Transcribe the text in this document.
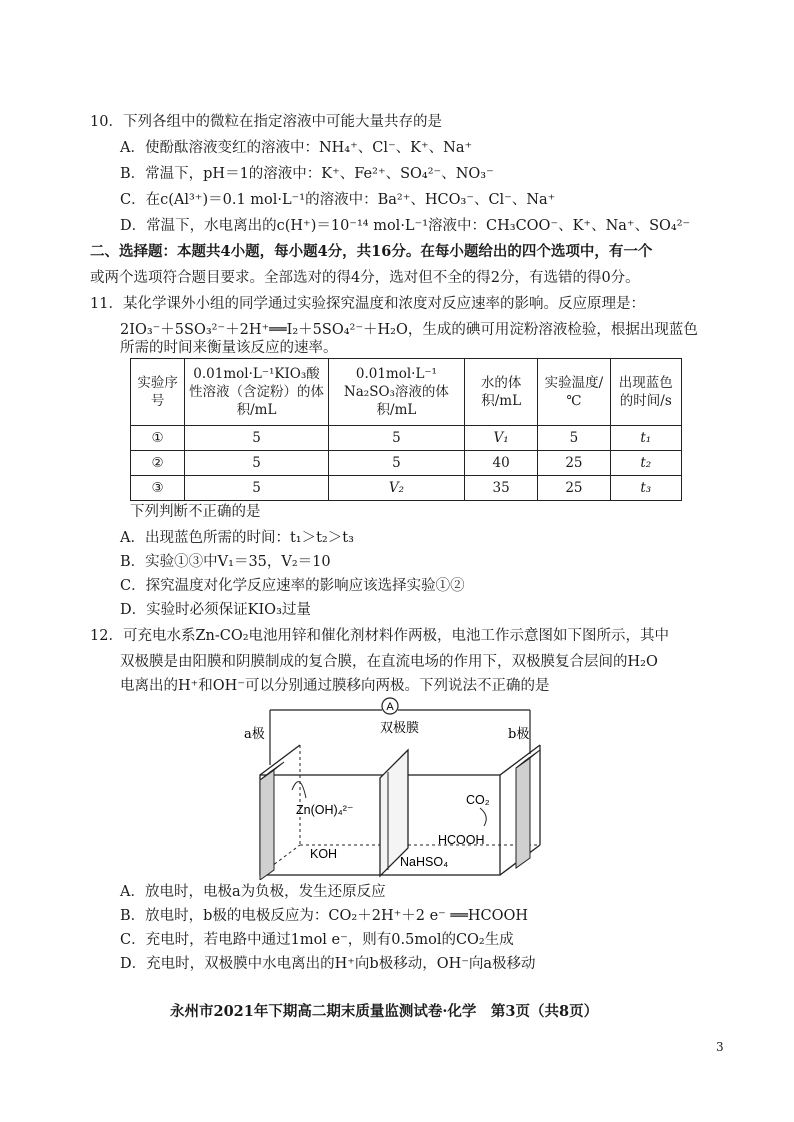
10．下列各组中的微粒在指定溶液中可能大量共存的是
A．使酚酞溶液变红的溶液中：NH₄⁺、Cl⁻、K⁺、Na⁺
B．常温下，pH＝1的溶液中：K⁺、Fe²⁺、SO₄²⁻、NO₃⁻
C．在c(Al³⁺)＝0.1 mol·L⁻¹的溶液中：Ba²⁺、HCO₃⁻、Cl⁻、Na⁺
D．常温下，水电离出的c(H⁺)＝10⁻¹⁴ mol·L⁻¹溶液中：CH₃COO⁻、K⁺、Na⁺、SO₄²⁻
二、选择题：本题共4小题，每小题4分，共16分。在每小题给出的四个选项中，有一个
或两个选项符合题目要求。全部选对的得4分，选对但不全的得2分，有选错的得0分。
11．某化学课外小组的同学通过实验探究温度和浓度对反应速率的影响。反应原理是：
2IO₃⁻＋5SO₃²⁻＋2H⁺══I₂＋5SO₄²⁻＋H₂O，生成的碘可用淀粉溶液检验，根据出现蓝色
所需的时间来衡量该反应的速率。
实验序号	0.01mol·L⁻¹KIO₃酸性溶液（含淀粉）的体积/mL	0.01mol·L⁻¹ Na₂SO₃溶液的体积/mL	水的体积/mL	实验温度/℃	出现蓝色的时间/s
①	5	5	V₁	5	t₁
②	5	5	40	25	t₂
③	5	V₂	35	25	t₃
下列判断不正确的是
A．出现蓝色所需的时间：t₁＞t₂＞t₃
B．实验①③中V₁＝35，V₂＝10
C．探究温度对化学反应速率的影响应该选择实验①②
D．实验时必须保证KIO₃过量
12．可充电水系Zn-CO₂电池用锌和催化剂材料作两极，电池工作示意图如下图所示，其中
双极膜是由阳膜和阴膜制成的复合膜，在直流电场的作用下，双极膜复合层间的H₂O
电离出的H⁺和OH⁻可以分别通过膜移向两极。下列说法不正确的是
A
a极	b极
双极膜
Zn(OH)₄²⁻
CO₂
HCOOH
KOH
NaHSO₄
A．放电时，电极a为负极，发生还原反应
B．放电时，b极的电极反应为：CO₂＋2H⁺＋2 e⁻ ══HCOOH
C．充电时，若电路中通过1mol e⁻，则有0.5mol的CO₂生成
D．充电时，双极膜中水电离出的H⁺向b极移动，OH⁻向a极移动
永州市2021年下期高二期末质量监测试卷·化学　第3页（共8页）
3
